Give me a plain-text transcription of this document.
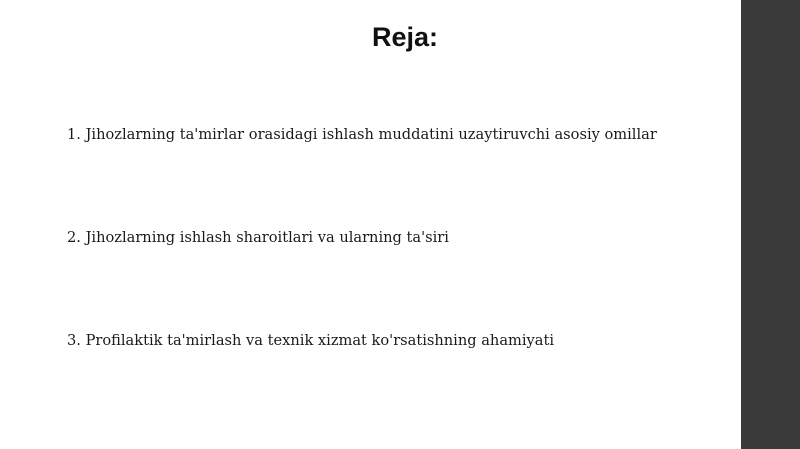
Reja:

1. Jihozlarning ta'mirlar orasidagi ishlash muddatini uzaytiruvchi asosiy omillar

2. Jihozlarning ishlash sharoitlari va ularning ta'siri

3. Profilaktik ta'mirlash va texnik xizmat ko'rsatishning ahamiyati
